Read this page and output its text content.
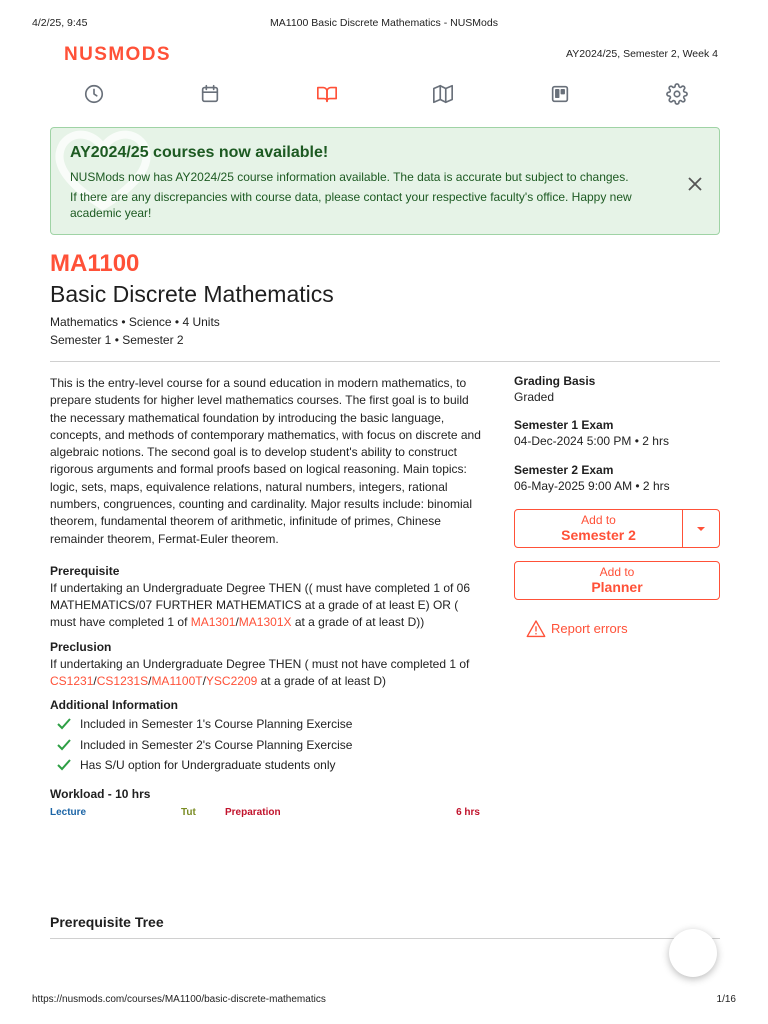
4/2/25, 9:45	MA1100 Basic Discrete Mathematics - NUSMods
NUSMODS	AY2024/25, Semester 2, Week 4
AY2024/25 courses now available!

NUSMods now has AY2024/25 course information available. The data is accurate but subject to changes.

If there are any discrepancies with course data, please contact your respective faculty's office. Happy new academic year!

MA1100
Basic Discrete Mathematics
Mathematics • Science • 4 Units
Semester 1 • Semester 2
This is the entry-level course for a sound education in modern mathematics, to prepare students for higher level mathematics courses. The first goal is to build the necessary mathematical foundation by introducing the basic language, concepts, and methods of contemporary mathematics, with focus on discrete and algebraic notions. The second goal is to develop student's ability to construct rigorous arguments and formal proofs based on logical reasoning. Main topics: logic, sets, maps, equivalence relations, natural numbers, integers, rational numbers, congruences, counting and cardinality. Major results include: binomial theorem, fundamental theorem of arithmetic, infinitude of primes, Chinese remainder theorem, Fermat-Euler theorem.
Prerequisite
If undertaking an Undergraduate Degree THEN (( must have completed 1 of 06 MATHEMATICS/07 FURTHER MATHEMATICS at a grade of at least E) OR ( must have completed 1 of MA1301/MA1301X at a grade of at least D))
Preclusion
If undertaking an Undergraduate Degree THEN ( must not have completed 1 of CS1231/CS1231S/MA1100T/YSC2209 at a grade of at least D)
Additional Information
Included in Semester 1's Course Planning Exercise
Included in Semester 2's Course Planning Exercise
Has S/U option for Undergraduate students only
Workload - 10 hrs
Lecture	Tut	Preparation	6 hrs
Prerequisite Tree
Grading Basis
Graded
Semester 1 Exam
04-Dec-2024 5:00 PM • 2 hrs
Semester 2 Exam
06-May-2025 9:00 AM • 2 hrs
Add to
Semester 2
Add to
Planner
Report errors
https://nusmods.com/courses/MA1100/basic-discrete-mathematics	1/16
